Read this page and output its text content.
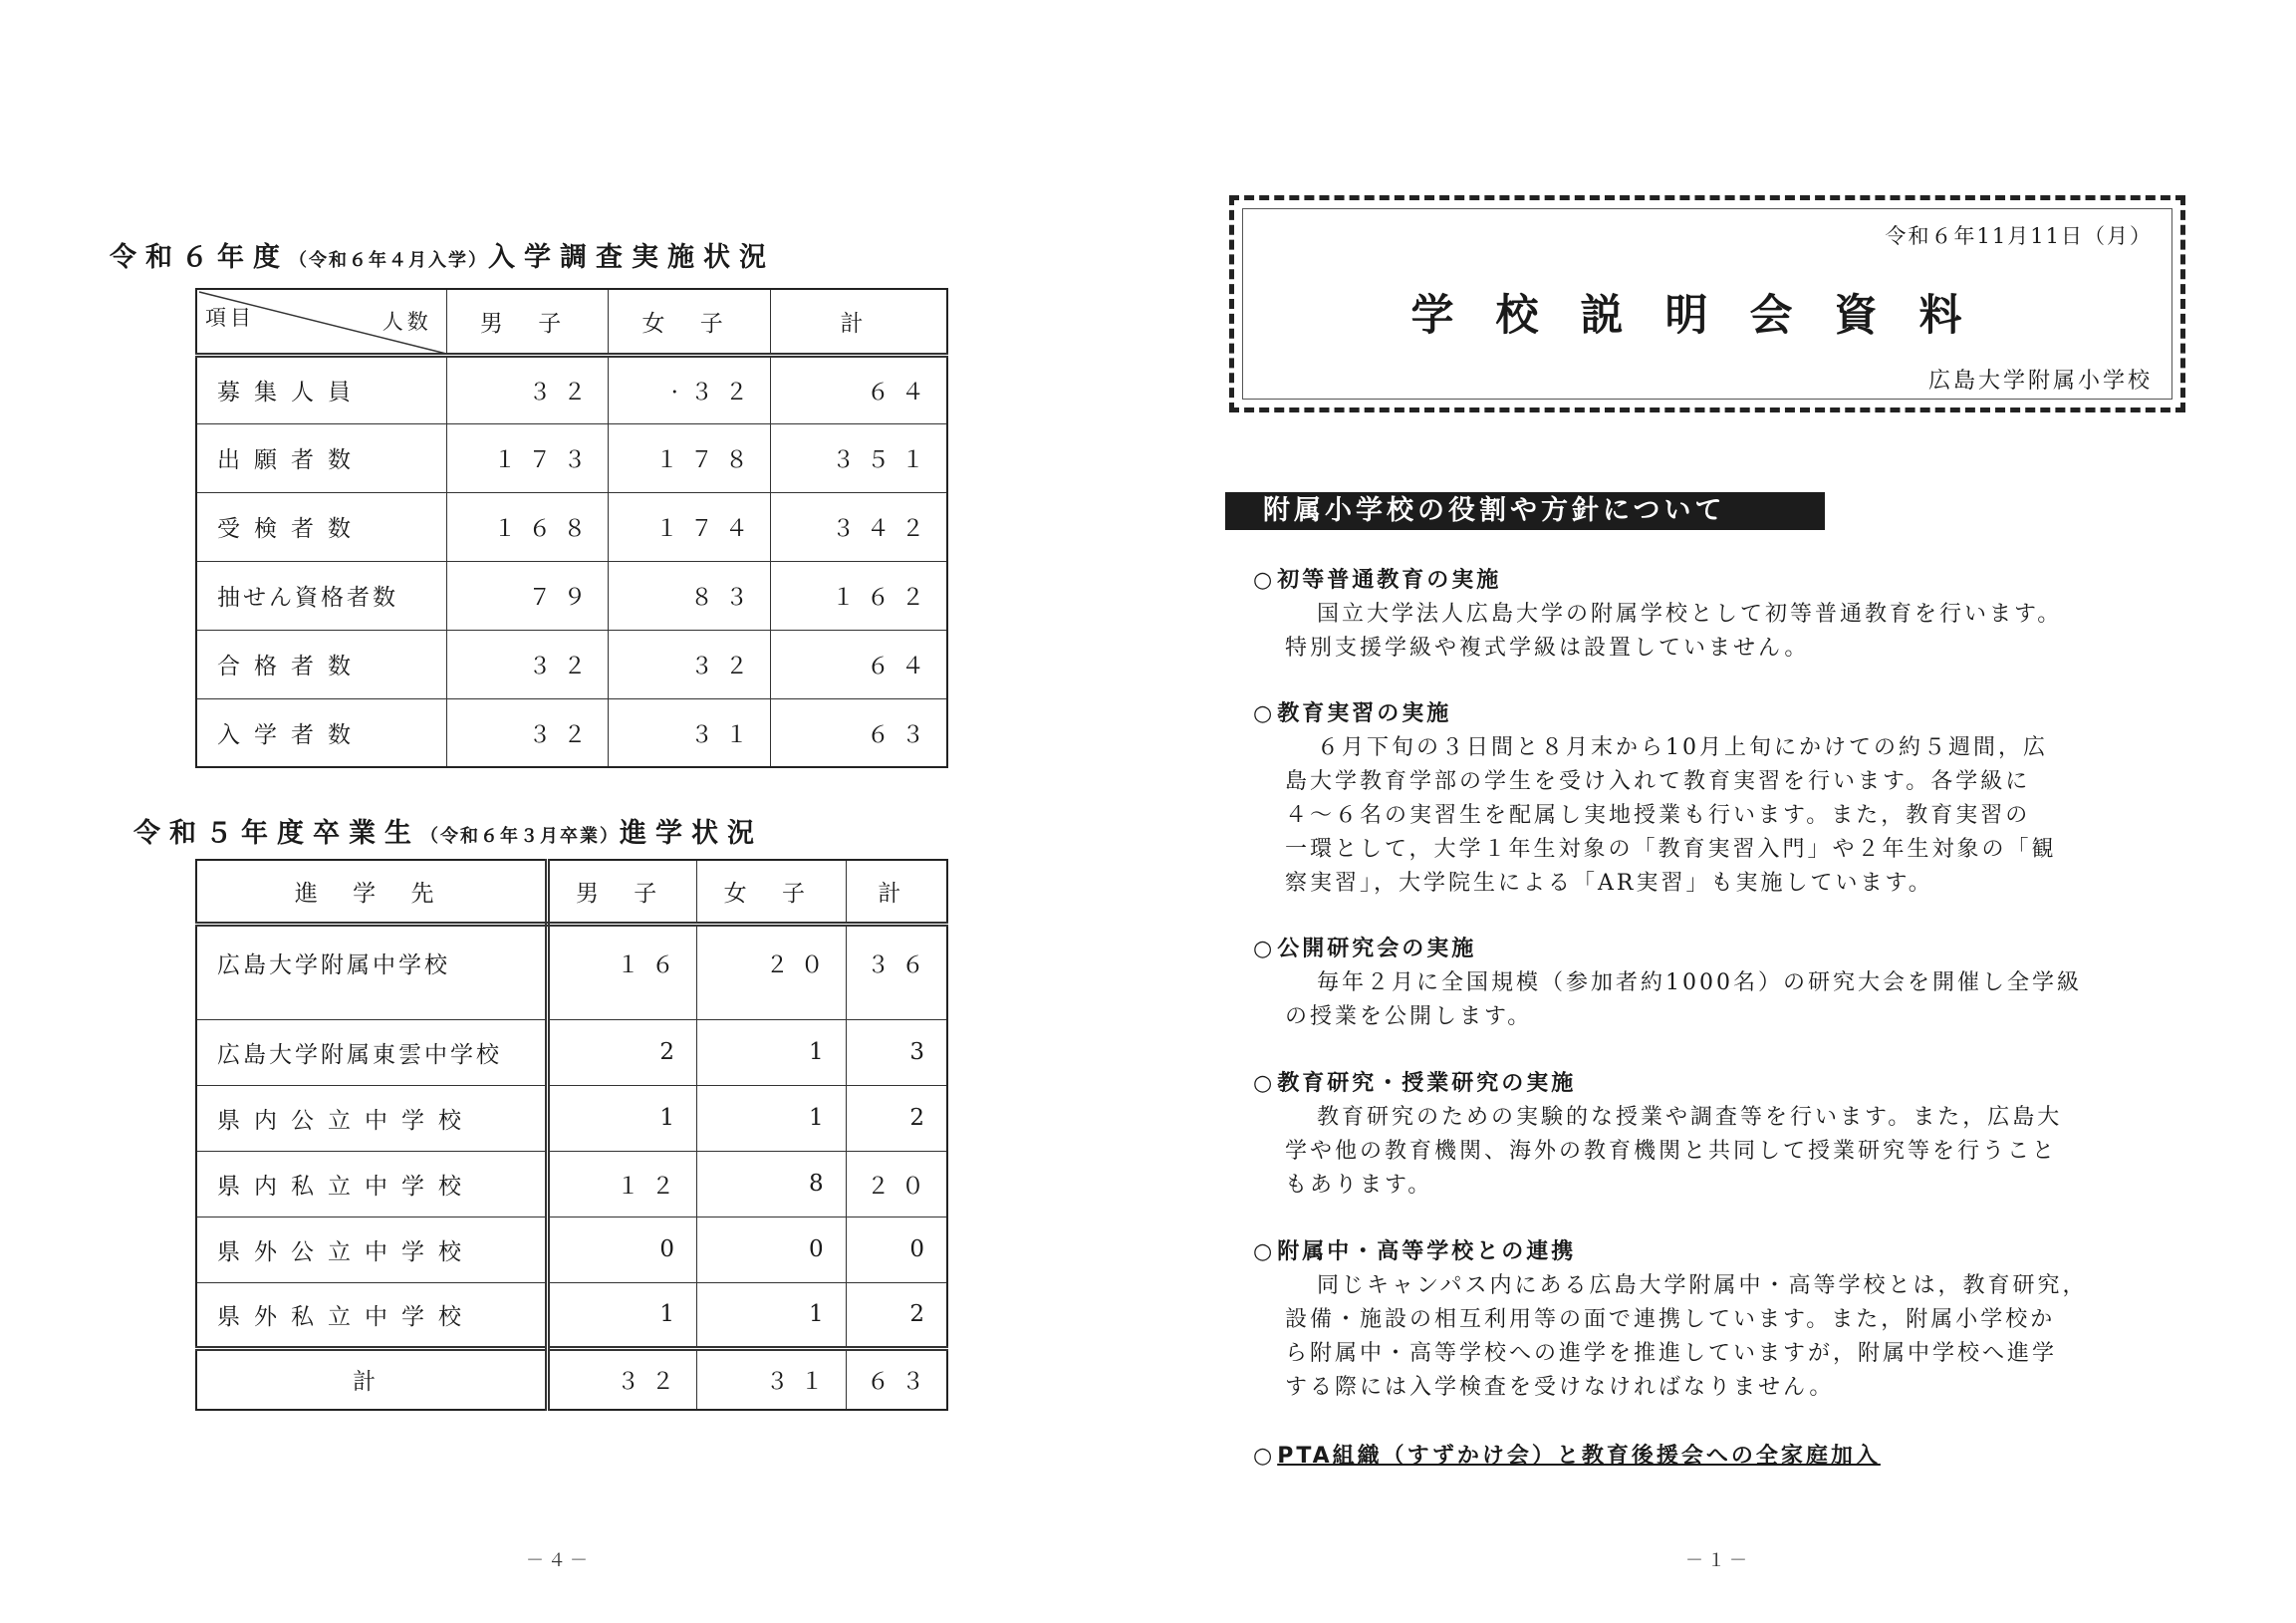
令和６年度（令和６年４月入学）入学調査実施状況
項目 人数	男 子	女 子	計
募集人員	３２	·３２	６４
出願者数	１７３	１７８	３５１
受検者数	１６８	１７４	３４２
抽せん資格者数	７９	８３	１６２
合格者数	３２	３２	６４
入学者数	３２	３１	６３
令和５年度卒業生（令和６年３月卒業）進学状況
進 学 先	男 子	女 子	計
広島大学附属中学校	１６	２０	３６
広島大学附属東雲中学校	2	1	3
県内公立中学校	1	1	2
県内私立中学校	１２	8	２０
県外公立中学校	0	0	0
県外私立中学校	1	1	2
計	３２	３１	６３
－４－
令和６年11月11日（月）
学校説明会資料
広島大学附属小学校
附属小学校の役割や方針について
○初等普通教育の実施

国立大学法人広島大学の附属学校として初等普通教育を行います。

特別支援学級や複式学級は設置していません。

○教育実習の実施

６月下旬の３日間と８月末から10月上旬にかけての約５週間，広

島大学教育学部の学生を受け入れて教育実習を行います。各学級に

４～６名の実習生を配属し実地授業も行います。また，教育実習の

一環として，大学１年生対象の「教育実習入門」や２年生対象の「観

察実習」，大学院生による「AR実習」も実施しています。

○公開研究会の実施

毎年２月に全国規模（参加者約1000名）の研究大会を開催し全学級

の授業を公開します。

○教育研究・授業研究の実施

教育研究のための実験的な授業や調査等を行います。また，広島大

学や他の教育機関、海外の教育機関と共同して授業研究等を行うこと

もあります。

○附属中・高等学校との連携

同じキャンパス内にある広島大学附属中・高等学校とは，教育研究，

設備・施設の相互利用等の面で連携しています。また，附属小学校か

ら附属中・高等学校への進学を推進していますが，附属中学校へ進学

する際には入学検査を受けなければなりません。

○PTA組織（すずかけ会）と教育後援会への全家庭加入
－１－
